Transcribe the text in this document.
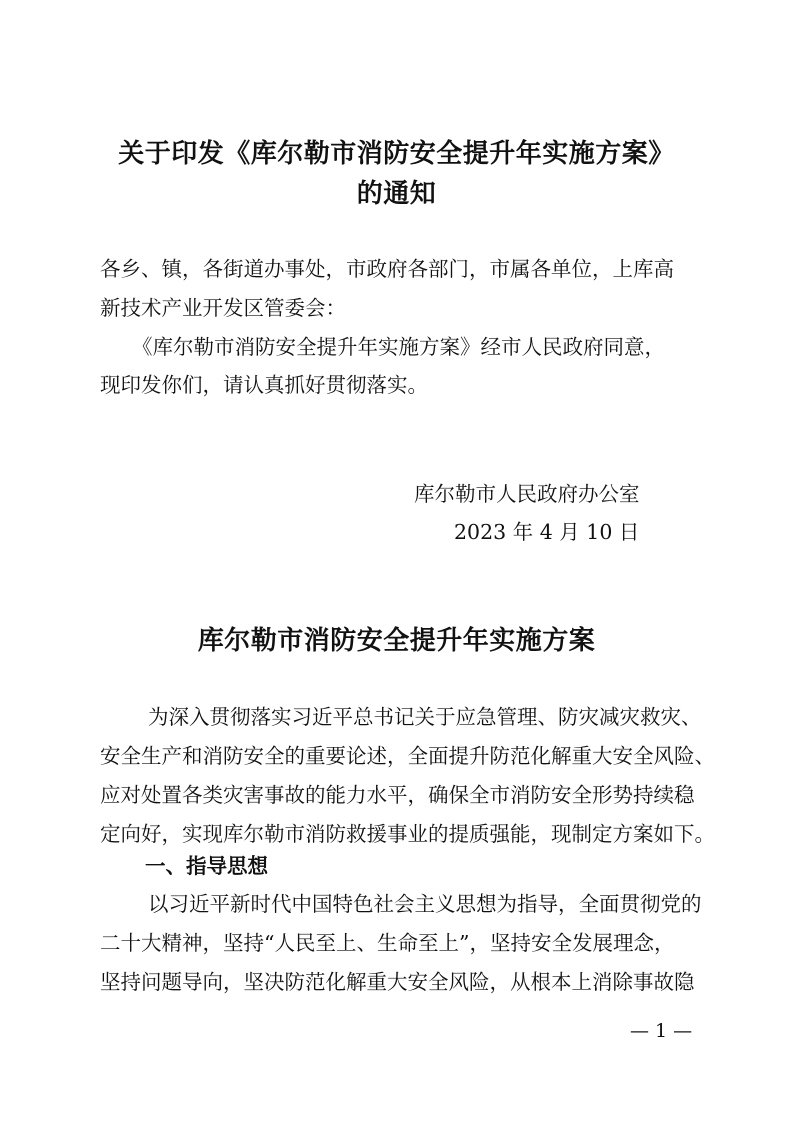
关于印发《库尔勒市消防安全提升年实施方案》
的通知

各乡、镇，各街道办事处，市政府各部门，市属各单位，上库高

新技术产业开发区管委会：

《库尔勒市消防安全提升年实施方案》经市人民政府同意，

现印发你们，请认真抓好贯彻落实。

库尔勒市人民政府办公室

2023 年 4 月 10 日

库尔勒市消防安全提升年实施方案

为深入贯彻落实习近平总书记关于应急管理、防灾减灾救灾、

安全生产和消防安全的重要论述，全面提升防范化解重大安全风险、

应对处置各类灾害事故的能力水平，确保全市消防安全形势持续稳

定向好，实现库尔勒市消防救援事业的提质强能，现制定方案如下。

一、指导思想

以习近平新时代中国特色社会主义思想为指导，全面贯彻党的

二十大精神，坚持“人民至上、生命至上”，坚持安全发展理念，

坚持问题导向，坚决防范化解重大安全风险，从根本上消除事故隐

— 1 —
